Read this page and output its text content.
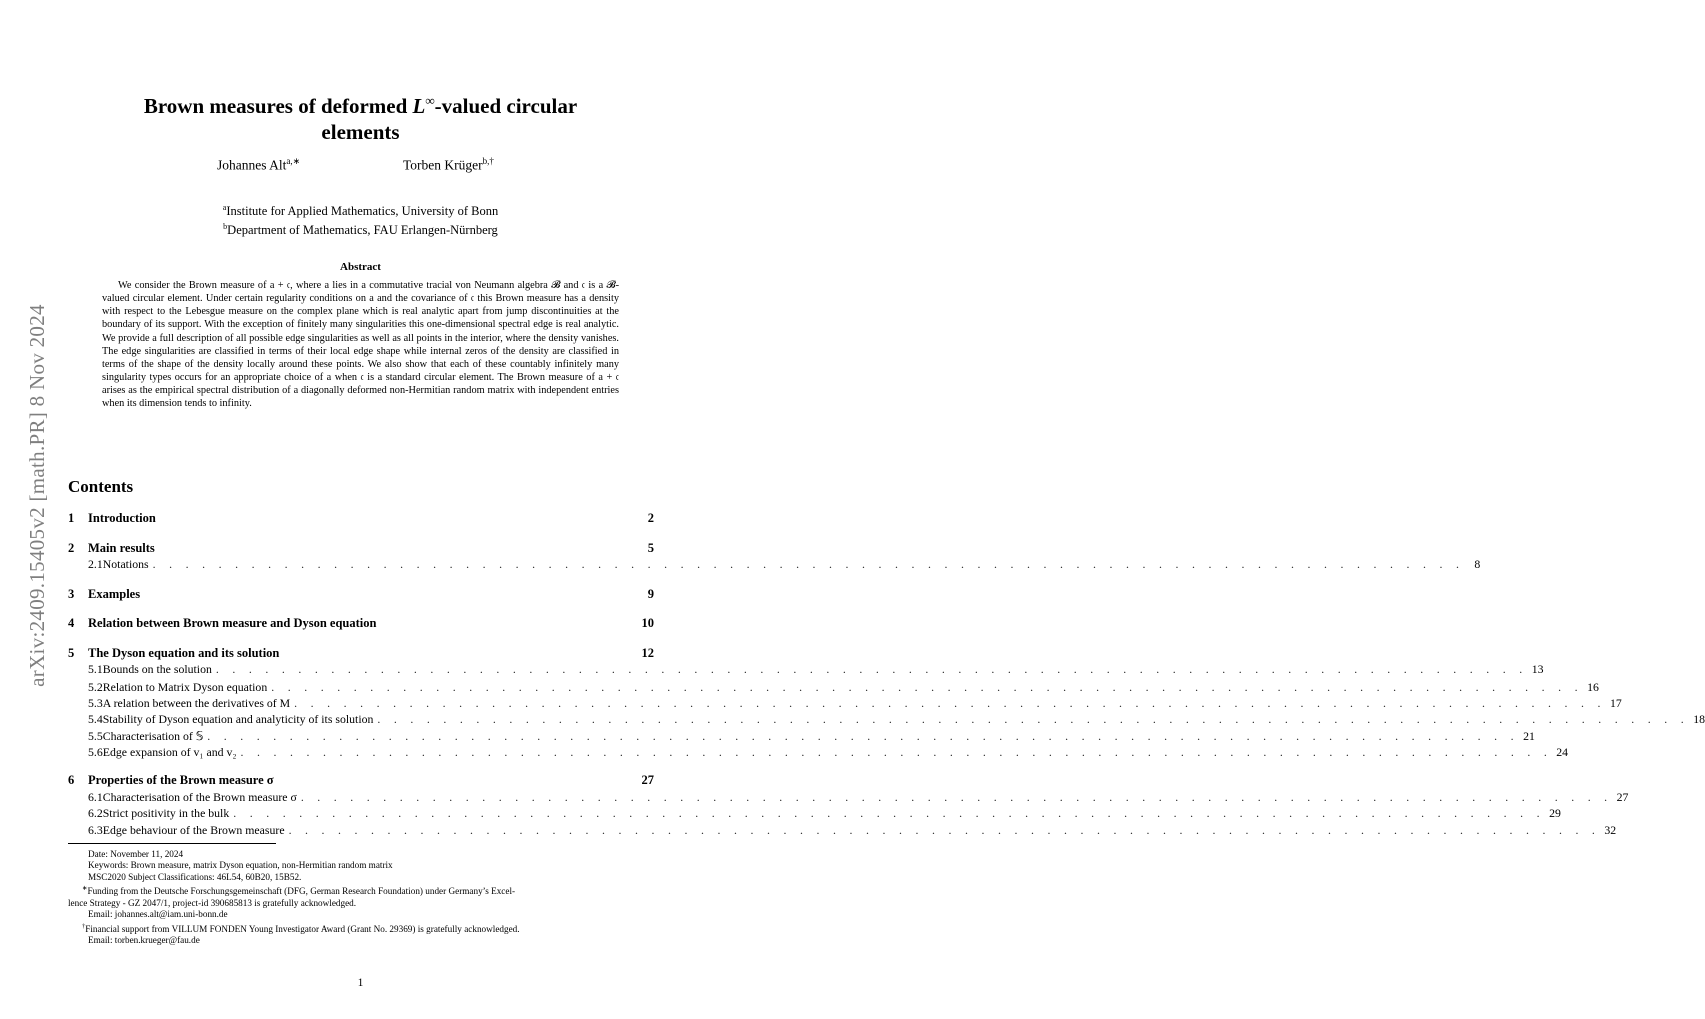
arXiv:2409.15405v2 [math.PR] 8 Nov 2024
Brown measures of deformed L∞-valued circular
elements
Johannes Alt$^{a,∗}$	Torben Krüger$^{b,\dagger}$
$^a$Institute for Applied Mathematics, University of Bonn
$^b$Department of Mathematics, FAU Erlangen-Nürnberg
Abstract
We consider the Brown measure of a + 𝔠, where a lies in a commutative tracial von Neumann algebra 𝓑 and 𝔠 is a 𝓑-valued circular element. Under certain regularity conditions on a and the covariance of 𝔠 this Brown measure has a density with respect to the Lebesgue measure on the complex plane which is real analytic apart from jump discontinuities at the boundary of its support. With the exception of finitely many singularities this one-dimensional spectral edge is real analytic. We provide a full description of all possible edge singularities as well as all points in the interior, where the density vanishes. The edge singularities are classified in terms of their local edge shape while internal zeros of the density are classified in terms of the shape of the density locally around these points. We also show that each of these countably infinitely many singularity types occurs for an appropriate choice of a when 𝔠 is a standard circular element. The Brown measure of a + 𝔠 arises as the empirical spectral distribution of a diagonally deformed non-Hermitian random matrix with independent entries when its dimension tends to infinity.
Contents
1	Introduction	2
2	Main results	5
2.1 Notations . . . . . . . . . . . . . . . . . . . . . . . . . . . . . . . . . . . . . . . . . . . . . . . . . . . . . . . . . . . . . . . . . . . . . . . . . . . . . . . . 8
3	Examples	9
4	Relation between Brown measure and Dyson equation	10
5	The Dyson equation and its solution	12
5.1 Bounds on the solution . . . . . . . . . . . . . . . . . . . . . . . . . . . . . . . . . . . . . . . . . . . . . . . . . . . . . . . . . . . . . . . . . . . . . . . . . . . . . . . . 13
5.2 Relation to Matrix Dyson equation . . . . . . . . . . . . . . . . . . . . . . . . . . . . . . . . . . . . . . . . . . . . . . . . . . . . . . . . . . . . . . . . . . . . . . . . . . . . . . . . 16
5.3 A relation between the derivatives of M . . . . . . . . . . . . . . . . . . . . . . . . . . . . . . . . . . . . . . . . . . . . . . . . . . . . . . . . . . . . . . . . . . . . . . . . . . . . . . . . 17
5.4 Stability of Dyson equation and analyticity of its solution . . . . . . . . . . . . . . . . . . . . . . . . . . . . . . . . . . . . . . . . . . . . . . . . . . . . . . . . . . . . . . . . . . . . . . . . . . . . . . . . 18
5.5 Characterisation of 𝕊 . . . . . . . . . . . . . . . . . . . . . . . . . . . . . . . . . . . . . . . . . . . . . . . . . . . . . . . . . . . . . . . . . . . . . . . . . . . . . . . . 21
5.6 Edge expansion of v₁ and v₂ . . . . . . . . . . . . . . . . . . . . . . . . . . . . . . . . . . . . . . . . . . . . . . . . . . . . . . . . . . . . . . . . . . . . . . . . . . . . . . . . 24
6	Properties of the Brown measure σ	27
6.1 Characterisation of the Brown measure σ . . . . . . . . . . . . . . . . . . . . . . . . . . . . . . . . . . . . . . . . . . . . . . . . . . . . . . . . . . . . . . . . . . . . . . . . . . . . . . . . 27
6.2 Strict positivity in the bulk . . . . . . . . . . . . . . . . . . . . . . . . . . . . . . . . . . . . . . . . . . . . . . . . . . . . . . . . . . . . . . . . . . . . . . . . . . . . . . . . 29
6.3 Edge behaviour of the Brown measure . . . . . . . . . . . . . . . . . . . . . . . . . . . . . . . . . . . . . . . . . . . . . . . . . . . . . . . . . . . . . . . . . . . . . . . . . . . . . . . . 32

Date: November 11, 2024

Keywords: Brown measure, matrix Dyson equation, non-Hermitian random matrix

MSC2020 Subject Classifications: 46L54, 60B20, 15B52.

∗Funding from the Deutsche Forschungsgemeinschaft (DFG, German Research Foundation) under Germany’s Excel-

lence Strategy - GZ 2047/1, project-id 390685813 is gratefully acknowledged.

Email: johannes.alt@iam.uni-bonn.de

†Financial support from VILLUM FONDEN Young Investigator Award (Grant No. 29369) is gratefully acknowledged.

Email: torben.krueger@fau.de

1
